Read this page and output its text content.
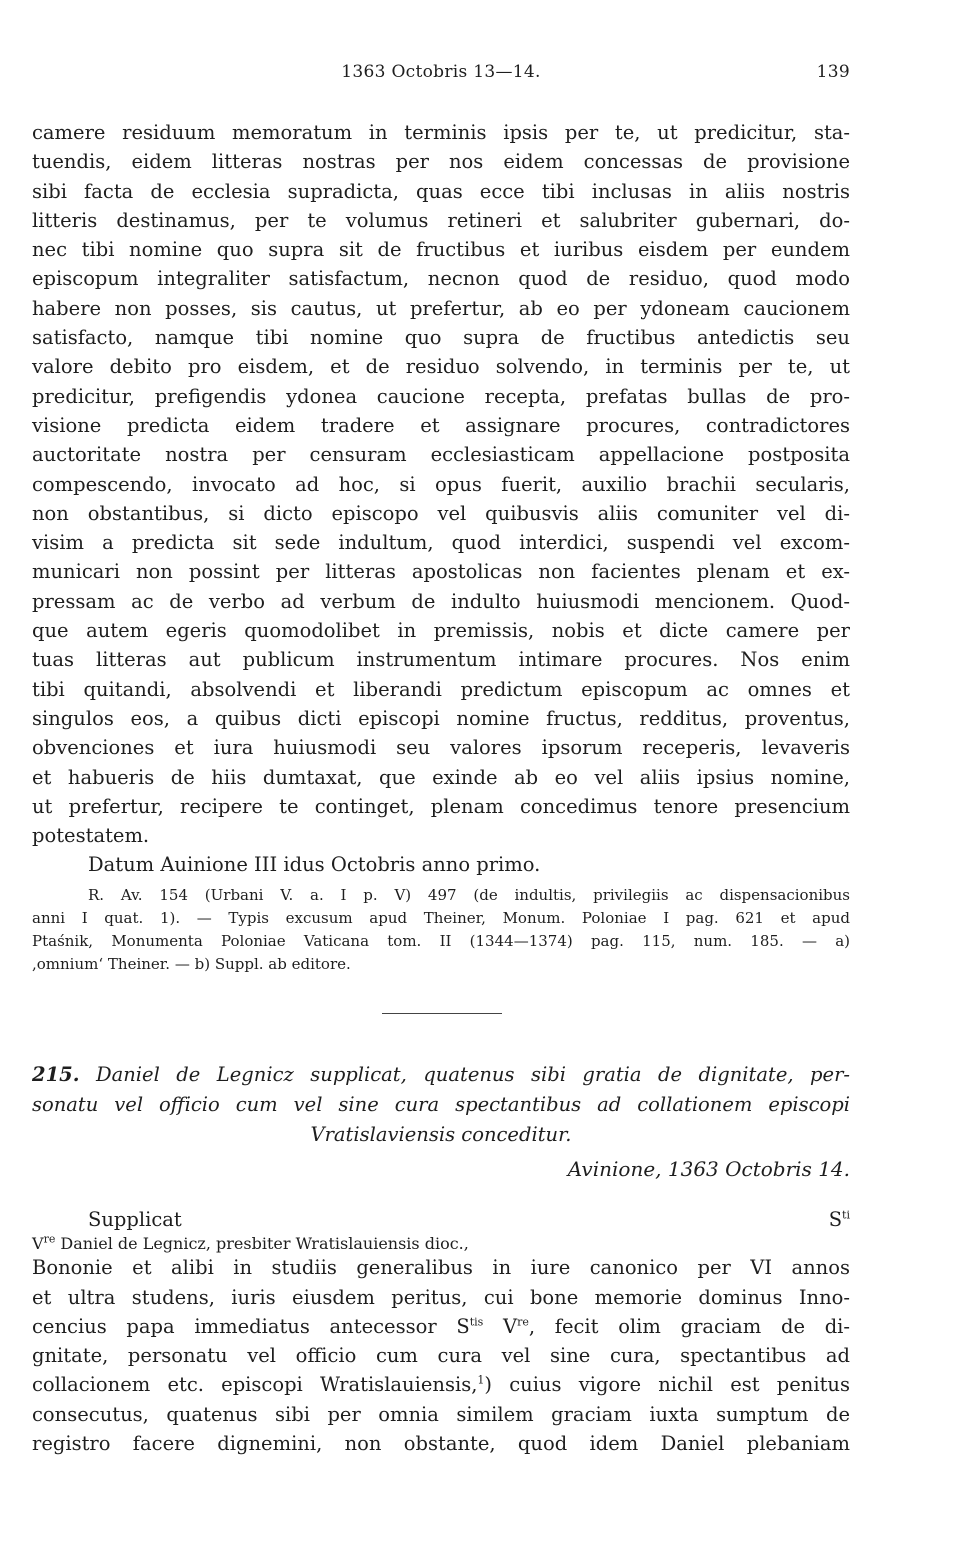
1363 Octobris 13—14.	139
camere residuum memoratum in terminis ipsis per te, ut predicitur, sta-
tuendis, eidem litteras nostras per nos eidem concessas de provisione
sibi facta de ecclesia supradicta, quas ecce tibi inclusas in aliis nostris
litteris destinamus, per te volumus retineri et salubriter gubernari, do-
nec tibi nomine quo supra sit de fructibus et iuribus eisdem per eundem
episcopum integraliter satisfactum, necnon quod de residuo, quod modo
habere non posses, sis cautus, ut prefertur, ab eo per ydoneam caucionem
satisfacto, namque tibi nomine quo supra de fructibus antedictis seu
valore debito pro eisdem, et de residuo solvendo, in terminis per te, ut
predicitur, prefigendis ydonea caucione recepta, prefatas bullas de pro-
visione predicta eidem tradere et assignare procures, contradictores
auctoritate nostra per censuram ecclesiasticam appellacione postposita
compescendo, invocato ad hoc, si opus fuerit, auxilio brachii secularis,
non obstantibus, si dicto episcopo vel quibusvis aliis comuniter vel di-
visim a predicta sit sede indultum, quod interdici, suspendi vel excom-
municari non possint per litteras apostolicas non facientes plenam et ex-
pressam ac de verbo ad verbum de indulto huiusmodi mencionem. Quod-
que autem egeris quomodolibet in premissis, nobis et dicte camere per
tuas litteras aut publicum instrumentum intimare procures. Nos enim
tibi quitandi, absolvendi et liberandi predictum episcopum ac omnes et
singulos eos, a quibus dicti episcopi nomine fructus, redditus, proventus,
obvenciones et iura huiusmodi seu valores ipsorum receperis, levaveris
et habueris de hiis dumtaxat, que exinde ab eo vel aliis ipsius nomine,
ut prefertur, recipere te continget, plenam concedimus tenore presencium
potestatem.
Datum Auinione III idus Octobris anno primo.
R. Av. 154 (Urbani V. a. I p. V) 497 (de indultis, privilegiis ac dispensacionibus
anni I quat. 1). — Typis excusum apud Theiner, Monum. Poloniae I pag. 621 et apud
Ptaśnik, Monumenta Poloniae Vaticana tom. II (1344—1374) pag. 115, num. 185. — a)
,omnium‘ Theiner. — b) Suppl. ab editore.
215. Daniel de Legnicz supplicat, quatenus sibi gratia de dignitate, per-
sonatu vel officio cum vel sine cura spectantibus ad collationem episcopi
Vratislaviensis conceditur.
Avinione, 1363 Octobris 14.
Supplicat $S^{ti}$
Vre Daniel de Legnicz, presbiter Wratislauiensis dioc.,
Bononie et alibi in studiis generalibus in iure canonico per VI annos
et ultra studens, iuris eiusdem peritus, cui bone memorie dominus Inno-
cencius papa immediatus antecessor $S^{tis}$ Vre, fecit olim graciam de di-
gnitate, personatu vel officio cum cura vel sine cura, spectantibus ad
collacionem etc. episcopi Wratislauiensis,$^1$) cuius vigore nichil est penitus
consecutus, quatenus sibi per omnia similem graciam iuxta sumptum de
registro facere dignemini, non obstante, quod idem Daniel plebaniam
